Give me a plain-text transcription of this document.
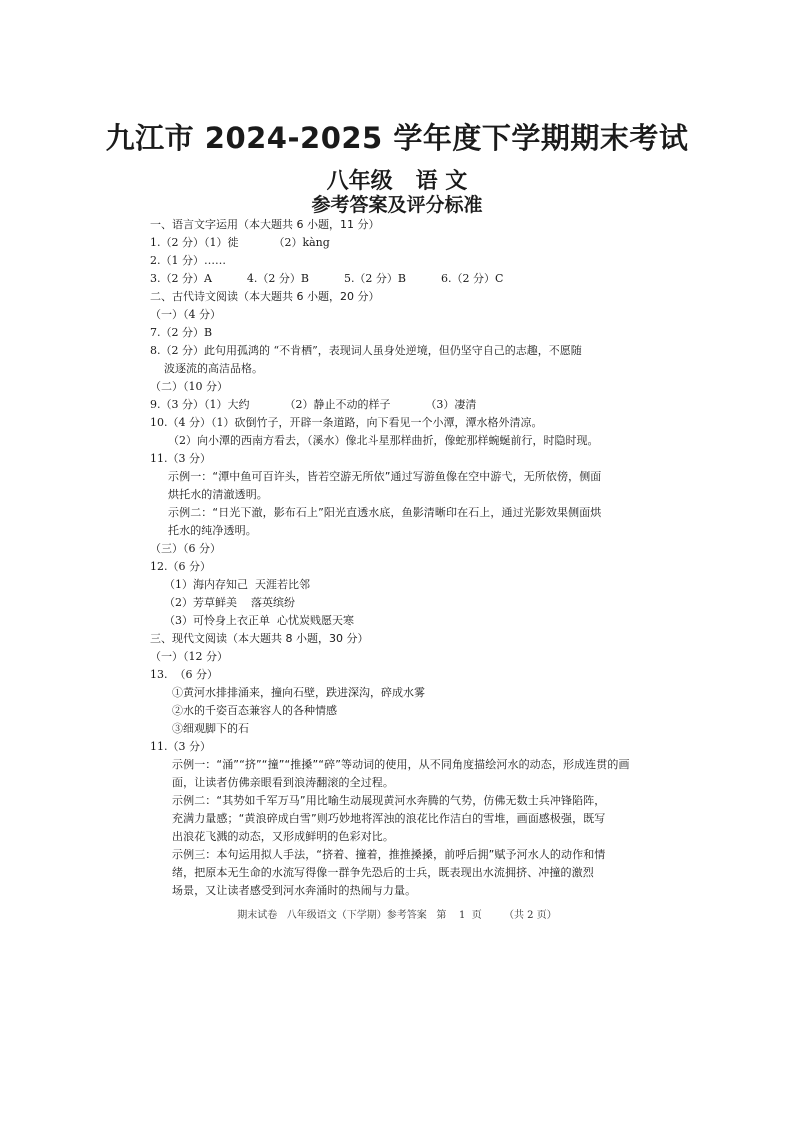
九江市 2024-2025 学年度下学期期末考试
八年级   语 文
参考答案及评分标准
一、语言文字运用（本大题共 6 小题，11 分）
1.（2 分）（1）徙          （2）kàng
2.（1 分）……
3.（2 分）A          4.（2 分）B          5.（2 分）B          6.（2 分）C
二、古代诗文阅读（本大题共 6 小题，20 分）
（一）（4 分）
7.（2 分）B
8.（2 分）此句用孤鸿的 “不肯栖”，表现词人虽身处逆境，但仍坚守自己的志趣，不愿随
波逐流的高洁品格。
（二）（10 分）
9.（3 分）（1）大约          （2）静止不动的样子          （3）凄清
10.（4 分）（1）砍倒竹子，开辟一条道路，向下看见一个小潭，潭水格外清凉。
（2）向小潭的西南方看去，（溪水）像北斗星那样曲折，像蛇那样蜿蜒前行，时隐时现。
11.（3 分）
示例一：“潭中鱼可百许头，皆若空游无所依”通过写游鱼像在空中游弋，无所依傍，侧面
烘托水的清澈透明。
示例二：“日光下澈，影布石上”阳光直透水底，鱼影清晰印在石上，通过光影效果侧面烘
托水的纯净透明。
（三）（6 分）
12.（6 分）
（1）海内存知己  天涯若比邻
（2）芳草鲜美    落英缤纷
（3）可怜身上衣正单  心忧炭贱愿天寒
三、现代文阅读（本大题共 8 小题，30 分）
（一）（12 分）
13.  （6 分）
①黄河水排排涌来，撞向石壁，跌进深沟，碎成水雾
②水的千姿百态兼容人的各种情感
③细观脚下的石
11.（3 分）
示例一：“涌”“挤”“撞”“推搡”“碎”等动词的使用，从不同角度描绘河水的动态，形成连贯的画
面，让读者仿佛亲眼看到浪涛翻滚的全过程。
示例二：“其势如千军万马”用比喻生动展现黄河水奔腾的气势，仿佛无数士兵冲锋陷阵，
充满力量感；“黄浪碎成白雪”则巧妙地将浑浊的浪花比作洁白的雪堆，画面感极强，既写
出浪花飞溅的动态，又形成鲜明的色彩对比。
示例三：本句运用拟人手法，“挤着、撞着，推推搡搡，前呼后拥”赋予河水人的动作和情
绪，把原本无生命的水流写得像一群争先恐后的士兵，既表现出水流拥挤、冲撞的激烈
场景，又让读者感受到河水奔涌时的热闹与力量。
期末试卷   八年级语文（下学期）参考答案   第    1  页       （共 2 页）
